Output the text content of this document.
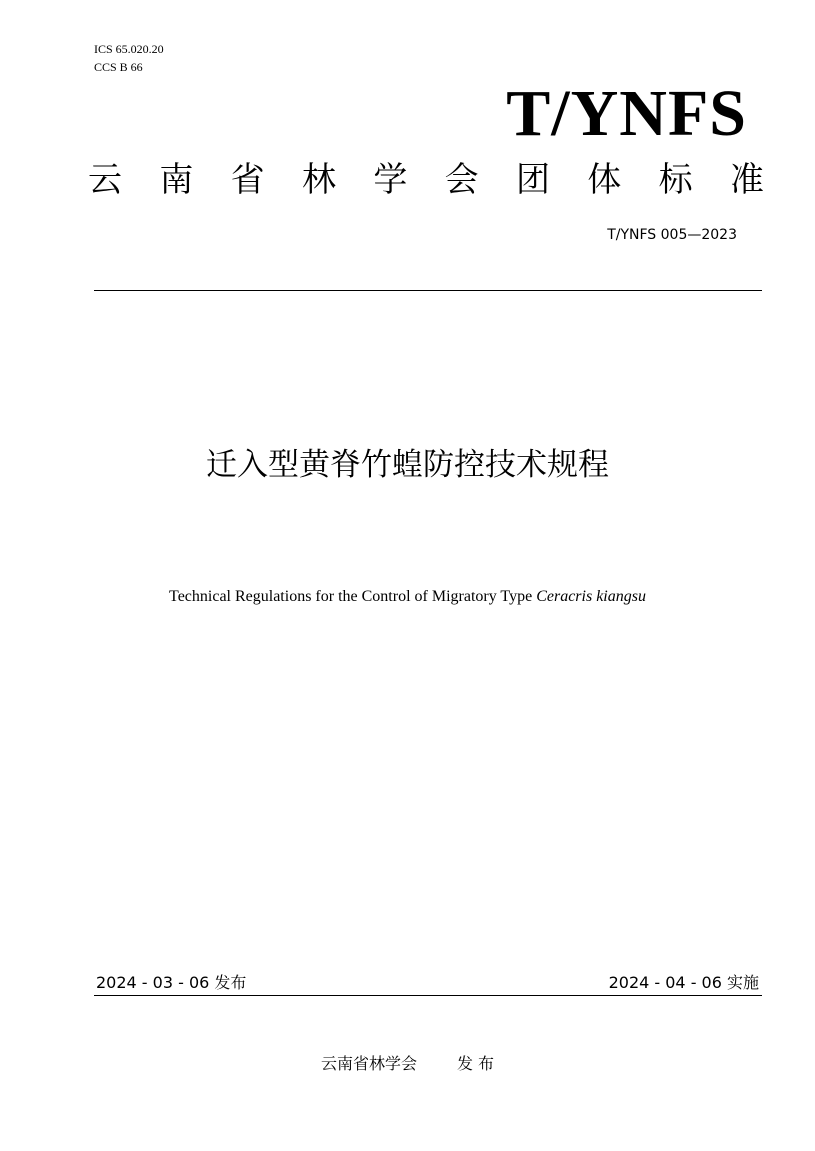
ICS 65.020.20
CCS B 66
T/YNFS
云 南 省 林 学 会 团 体 标 准
T/YNFS 005—2023
迁入型黄脊竹蝗防控技术规程
Technical Regulations for the Control of Migratory Type Ceracris kiangsu
2024 - 03 - 06 发布	2024 - 04 - 06 实施
云南省林学会	发 布
